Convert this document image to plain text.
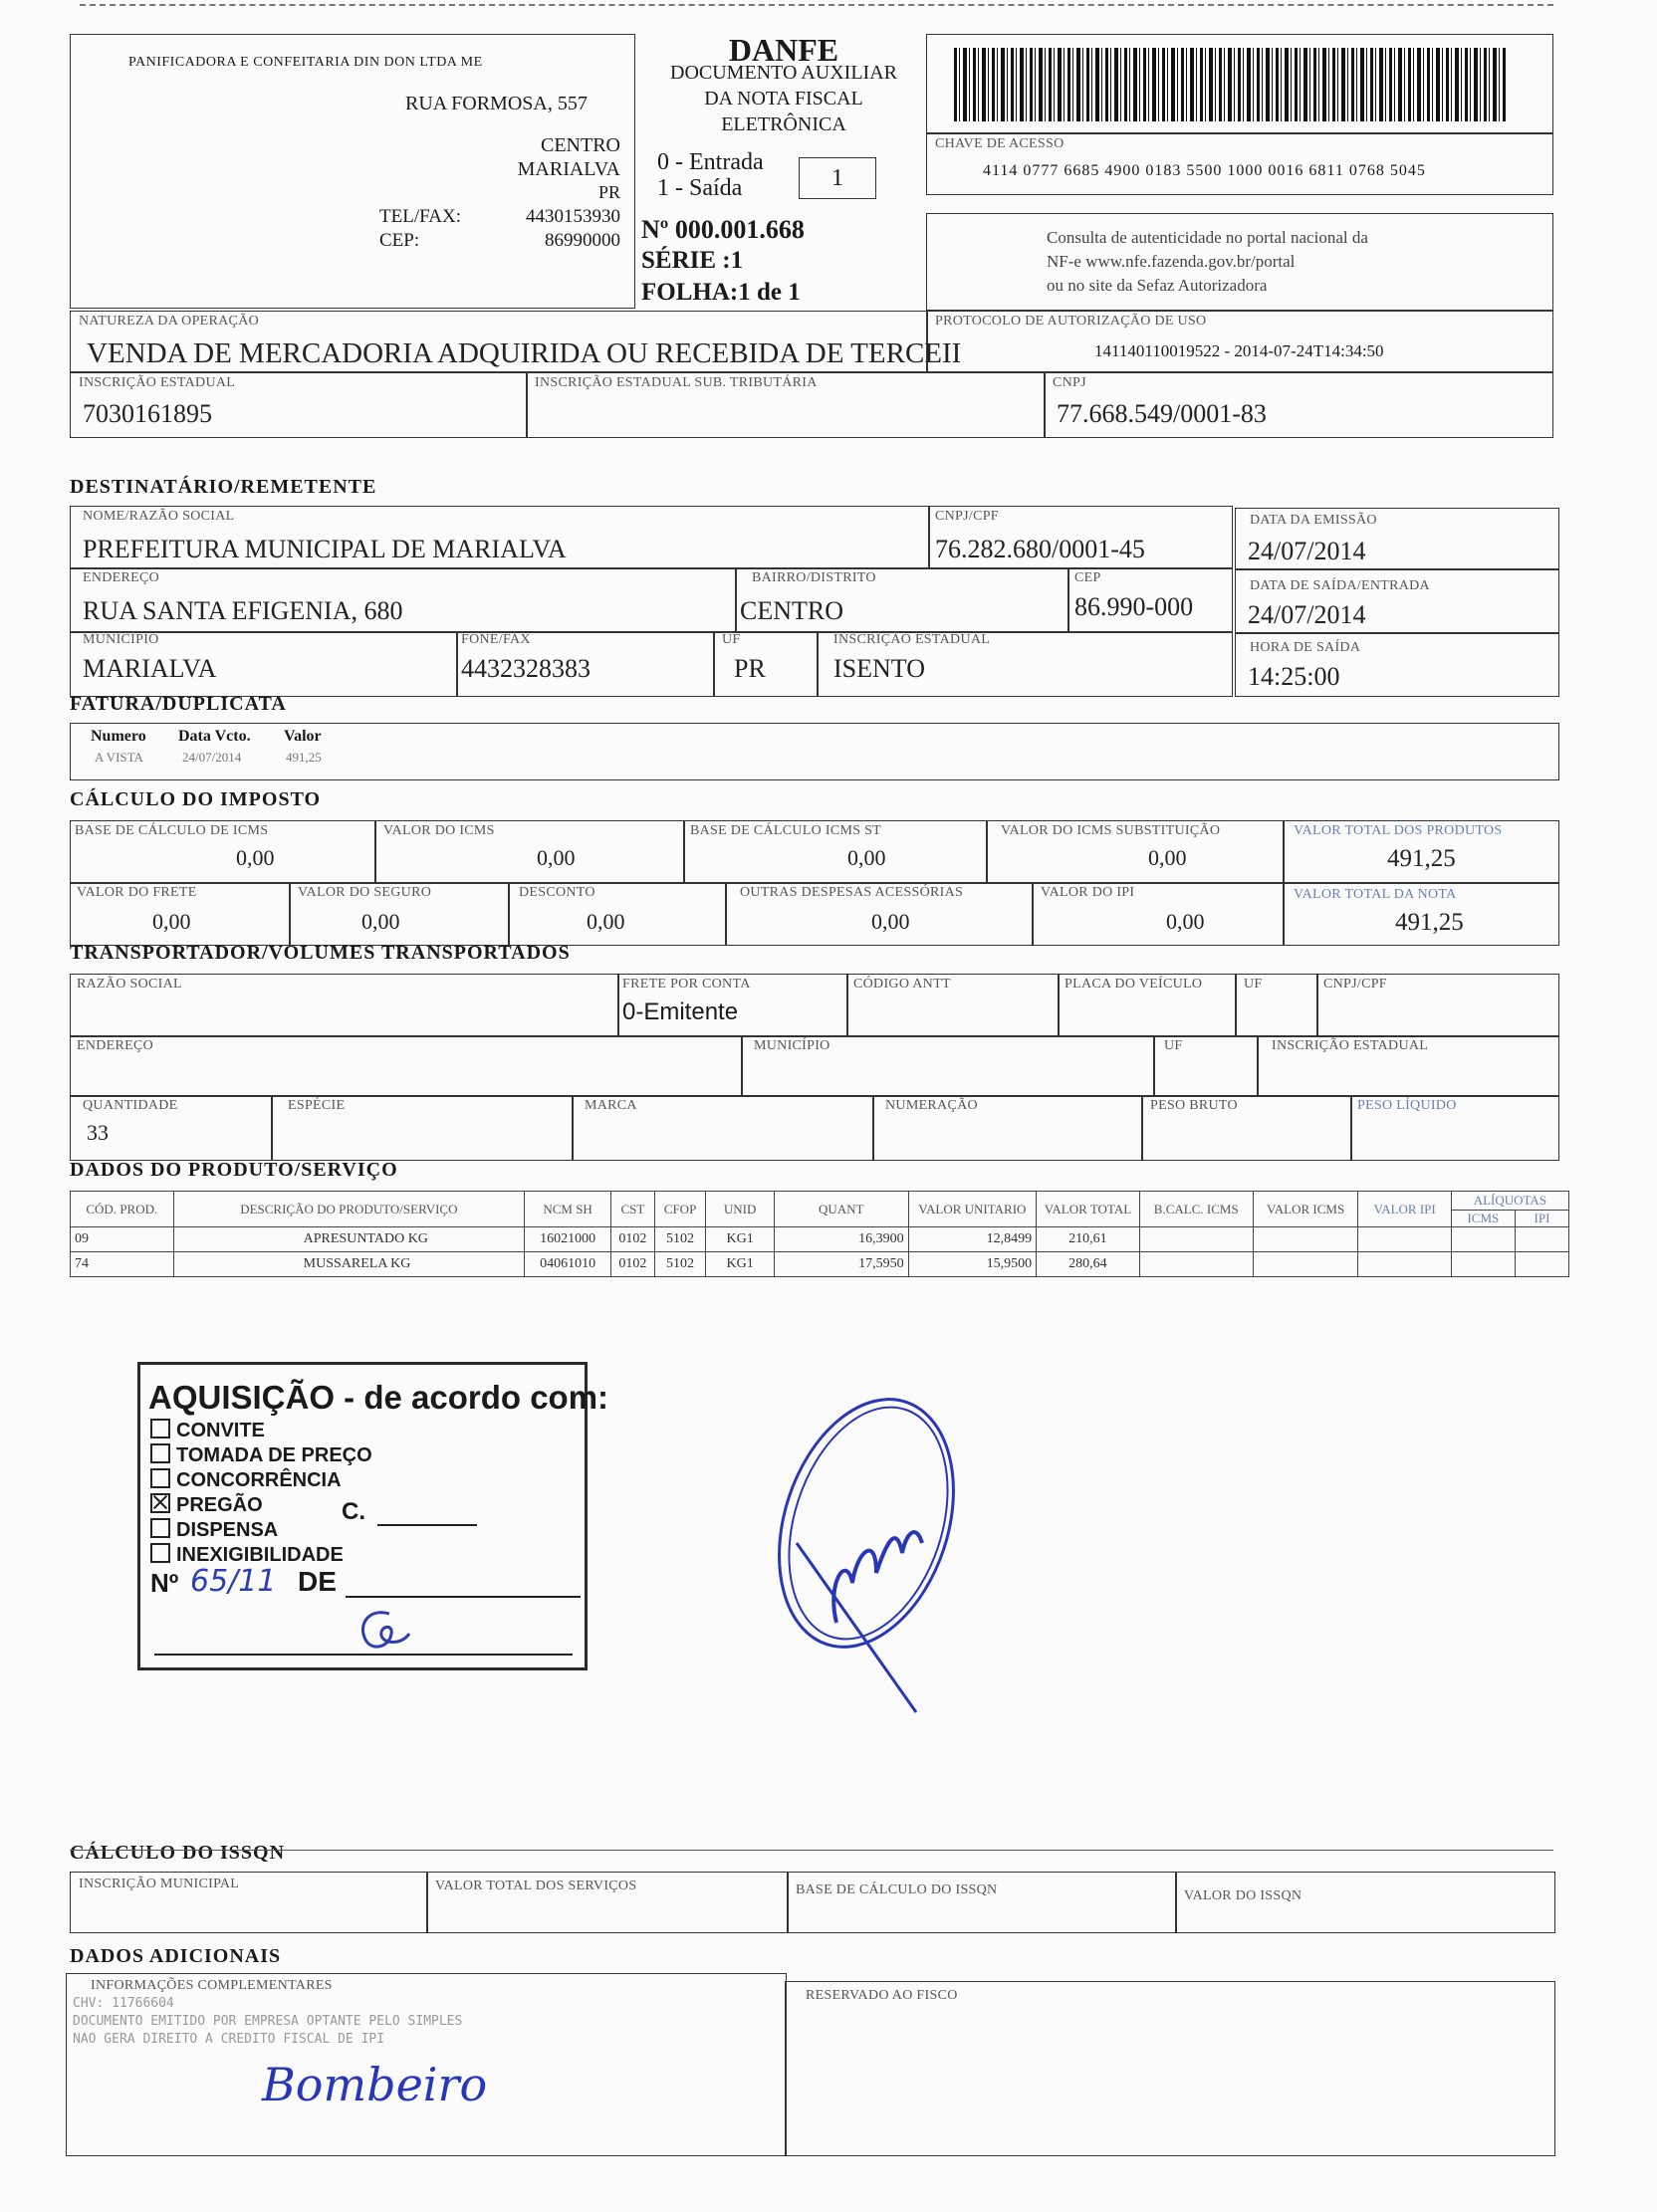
PANIFICADORA E CONFEITARIA DIN DON LTDA ME
RUA FORMOSA, 557
CENTRO
MARIALVA
PR
TEL/FAX:	4430153930
CEP:	86990000
DANFE
DOCUMENTO AUXILIAR
DA NOTA FISCAL
ELETRÔNICA
0 - Entrada
1 - Saída	1
Nº 000.001.668
SÉRIE :1
FOLHA:1 de 1
CHAVE DE ACESSO
4114 0777 6685 4900 0183 5500 1000 0016 6811 0768 5045
Consulta de autenticidade no portal nacional da
NF-e www.nfe.fazenda.gov.br/portal
ou no site da Sefaz Autorizadora
NATUREZA DA OPERAÇÃO
VENDA DE MERCADORIA ADQUIRIDA OU RECEBIDA DE TERCEII
PROTOCOLO DE AUTORIZAÇÃO DE USO
141140110019522 - 2014-07-24T14:34:50
INSCRIÇÃO ESTADUAL
7030161895
INSCRIÇÃO ESTADUAL SUB. TRIBUTÁRIA	CNPJ
77.668.549/0001-83
DESTINATÁRIO/REMETENTE
NOME/RAZÃO SOCIAL
PREFEITURA MUNICIPAL DE MARIALVA
CNPJ/CPF
76.282.680/0001-45
ENDEREÇO
RUA SANTA EFIGENIA, 680
BAIRRO/DISTRITO
CENTRO
CEP
86.990-000
MUNICÍPIO
MARIALVA
FONE/FAX
4432328383
UF
PR
INSCRIÇÃO ESTADUAL
ISENTO
DATA DA EMISSÃO
24/07/2014
DATA DE SAÍDA/ENTRADA
24/07/2014
HORA DE SAÍDA
14:25:00
FATURA/DUPLICATA
Numero Data Vcto. Valor
A VISTA	24/07/2014	491,25
CÁLCULO DO IMPOSTO
BASE DE CÁLCULO DE ICMS
0,00
VALOR DO ICMS
0,00
BASE DE CÁLCULO ICMS ST
0,00
VALOR DO ICMS SUBSTITUIÇÃO
0,00
VALOR TOTAL DOS PRODUTOS
491,25
VALOR DO FRETE
0,00
VALOR DO SEGURO
0,00
DESCONTO
0,00
OUTRAS DESPESAS ACESSÓRIAS
0,00
VALOR DO IPI
0,00
VALOR TOTAL DA NOTA
491,25
TRANSPORTADOR/VOLUMES TRANSPORTADOS
RAZÃO SOCIAL	FRETE POR CONTA
0-Emitente
CÓDIGO ANTT	PLACA DO VEÍCULO	UF	CNPJ/CPF
ENDEREÇO	MUNICÍPIO	UF	INSCRIÇÃO ESTADUAL
QUANTIDADE
33
ESPÉCIE	MARCA	NUMERAÇÃO	PESO BRUTO	PESO LÍQUIDO
DADOS DO PRODUTO/SERVIÇO
CÓD. PROD.	DESCRIÇÃO DO PRODUTO/SERVIÇO	NCM SH	CST	CFOP	UNID	QUANT	VALOR UNITARIO	VALOR TOTAL	B.CALC. ICMS	VALOR ICMS	VALOR IPI	ALÍQUOTAS	
												ICMS	IPI
09	APRESUNTADO KG	16021000	0102	5102	KG1	16,3900	12,8499	210,61					
74	MUSSARELA KG	04061010	0102	5102	KG1	17,5950	15,9500	280,64					
AQUISIÇÃO - de acordo com:
CONVITE
TOMADA DE PREÇO
CONCORRÊNCIA
PREGÃO
DISPENSA
INEXIGIBILIDADE
C.
Nº 65/11 DE
CÁLCULO DO ISSQN
INSCRIÇÃO MUNICIPAL	VALOR TOTAL DOS SERVIÇOS	BASE DE CÁLCULO DO ISSQN	VALOR DO ISSQN
DADOS ADICIONAIS
INFORMAÇÕES COMPLEMENTARES
CHV: 11766604
DOCUMENTO EMITIDO POR EMPRESA OPTANTE PELO SIMPLES
NAO GERA DIREITO A CREDITO FISCAL DE IPI
Bombeiro
RESERVADO AO FISCO
